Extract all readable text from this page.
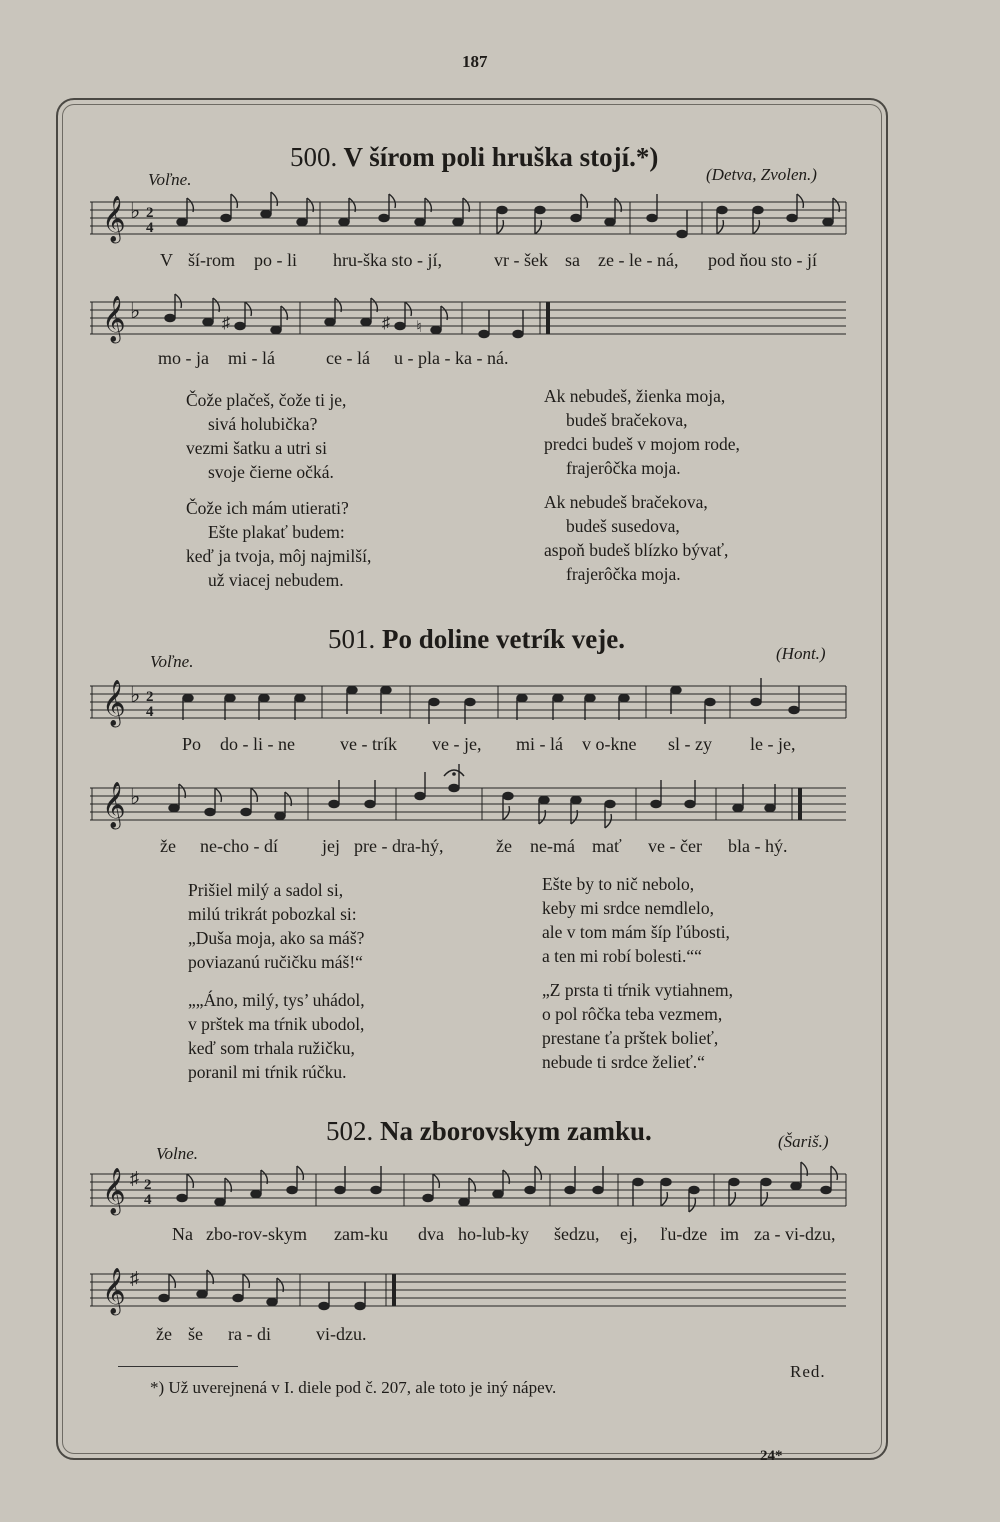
187
500. V šírom poli hruška stojí.*)
Voľne.	(Detva, Zvolen.)
𝄞 ♭ 2
4
V ší-rom po - li hru-ška sto - jí,	vr - šek sa ze - le - ná, pod ňou sto - jí
𝄞 ♭
♯	♯ ♮
mo - ja mi - lá	ce - lá u - pla - ka - ná.
Čože plačeš, čože ti je,
sivá holubička?
vezmi šatku a utri si
svoje čierne očká.
Čože ich mám utierati?
Ešte plakať budem:
keď ja tvoja, môj najmilší,
už viacej nebudem.
Ak nebudeš, žienka moja,
budeš bračekova,
predci budeš v mojom rode,
frajerôčka moja.
Ak nebudeš bračekova,
budeš susedova,
aspoň budeš blízko bývať,
frajerôčka moja.
501. Po doline vetrík veje.
Voľne.	(Hont.)
𝄞 ♭ 2
4
Po do - li - ne	ve - trík ve - je, mi - lá v o-kne sl - zy le - je,
𝄞 ♭
že ne-cho - dí jej pre - dra-hý,	že ne-má mať ve - čer bla - hý.
Prišiel milý a sadol si,
milú trikrát pobozkal si:
„Duša moja, ako sa máš?
poviazanú ručičku máš!“
„„Áno, milý, tys’ uhádol,
v prštek ma tŕnik ubodol,
keď som trhala ružičku,
poranil mi tŕnik rúčku.
Ešte by to nič nebolo,
keby mi srdce nemdlelo,
ale v tom mám šíp ľúbosti,
a ten mi robí bolesti.““
„Z prsta ti tŕnik vytiahnem,
o pol rôčka teba vezmem,
prestane ťa prštek bolieť,
nebude ti srdce želieť.“
502. Na zborovskym zamku.
Volne.
(Šariš.)
𝄞 ♯ 2
4
Na zbo-rov-skym zam-ku dva ho-lub-ky šedzu, ej, ľu-dze im za - vi-dzu,
𝄞 ♯
že še ra - di	vi-dzu.
*) Už uverejnená v I. diele pod č. 207, ale toto je iný nápev.
Red.
24*
